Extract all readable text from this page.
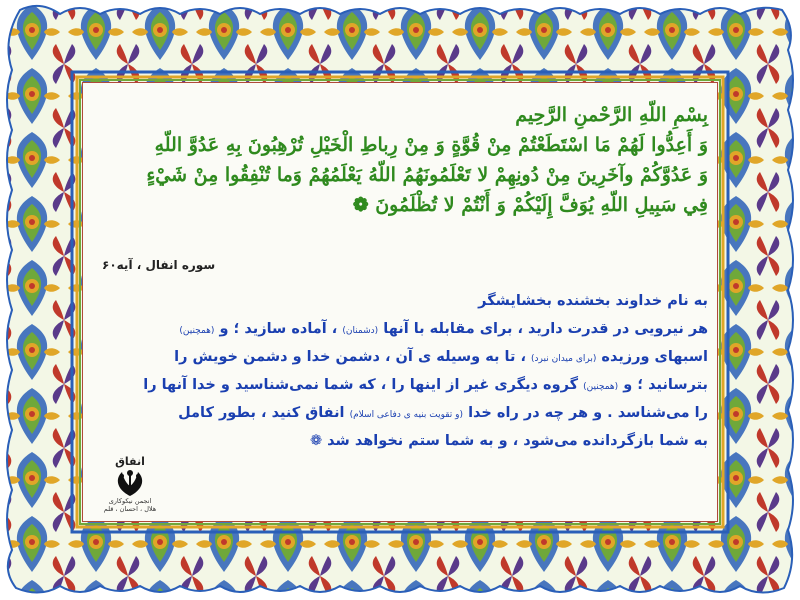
بِسْمِ اللّهِ الرَّحْمنِ الرَّحِيم
وَ أَعِدُّوا لَهُمْ مَا اسْتَطَعْتُمْ مِنْ قُوَّةٍ وَ مِنْ رِباطِ الْخَيْلِ تُرْهِبُونَ بِهِ عَدُوَّ اللّهِ
وَ عَدُوَّكُمْ وآخَرِينَ مِنْ دُونِهِمْ لا تَعْلَمُونَهُمُ اللّهُ يَعْلَمُهُمْ وَما تُنْفِقُوا مِنْ شَيْءٍ
فِي سَبِيلِ اللّهِ يُوَفَّ إِلَيْكُمْ وَ أَنْتُمْ لا تُظْلَمُونَ ❁
سوره انفال ، آیه۶۰
به نام خداوند بخشنده بخشایشگر
هر نیرویی در قدرت دارید ، برای مقابله با آنها (دشمنان) ، آماده سازید ؛ و (همچنین)
اسبهای ورزیده (برای میدان نبرد) ، تا به وسیله ی آن ، دشمن خدا و دشمن خویش را
بترسانید ؛ و (همچنین) گروه دیگری غیر از اینها را ، که شما نمی‌شناسید و خدا آنها را
را می‌شناسد . و هر چه در راه خدا (و تقویت بنیه ی دفاعی اسلام) انفاق کنید ، بطور کامل
به شما بازگردانده می‌شود ، و به شما ستم نخواهد شد ❁
انفاق
انجمن نیکوکاری
هلال ، احسان ، قلم
